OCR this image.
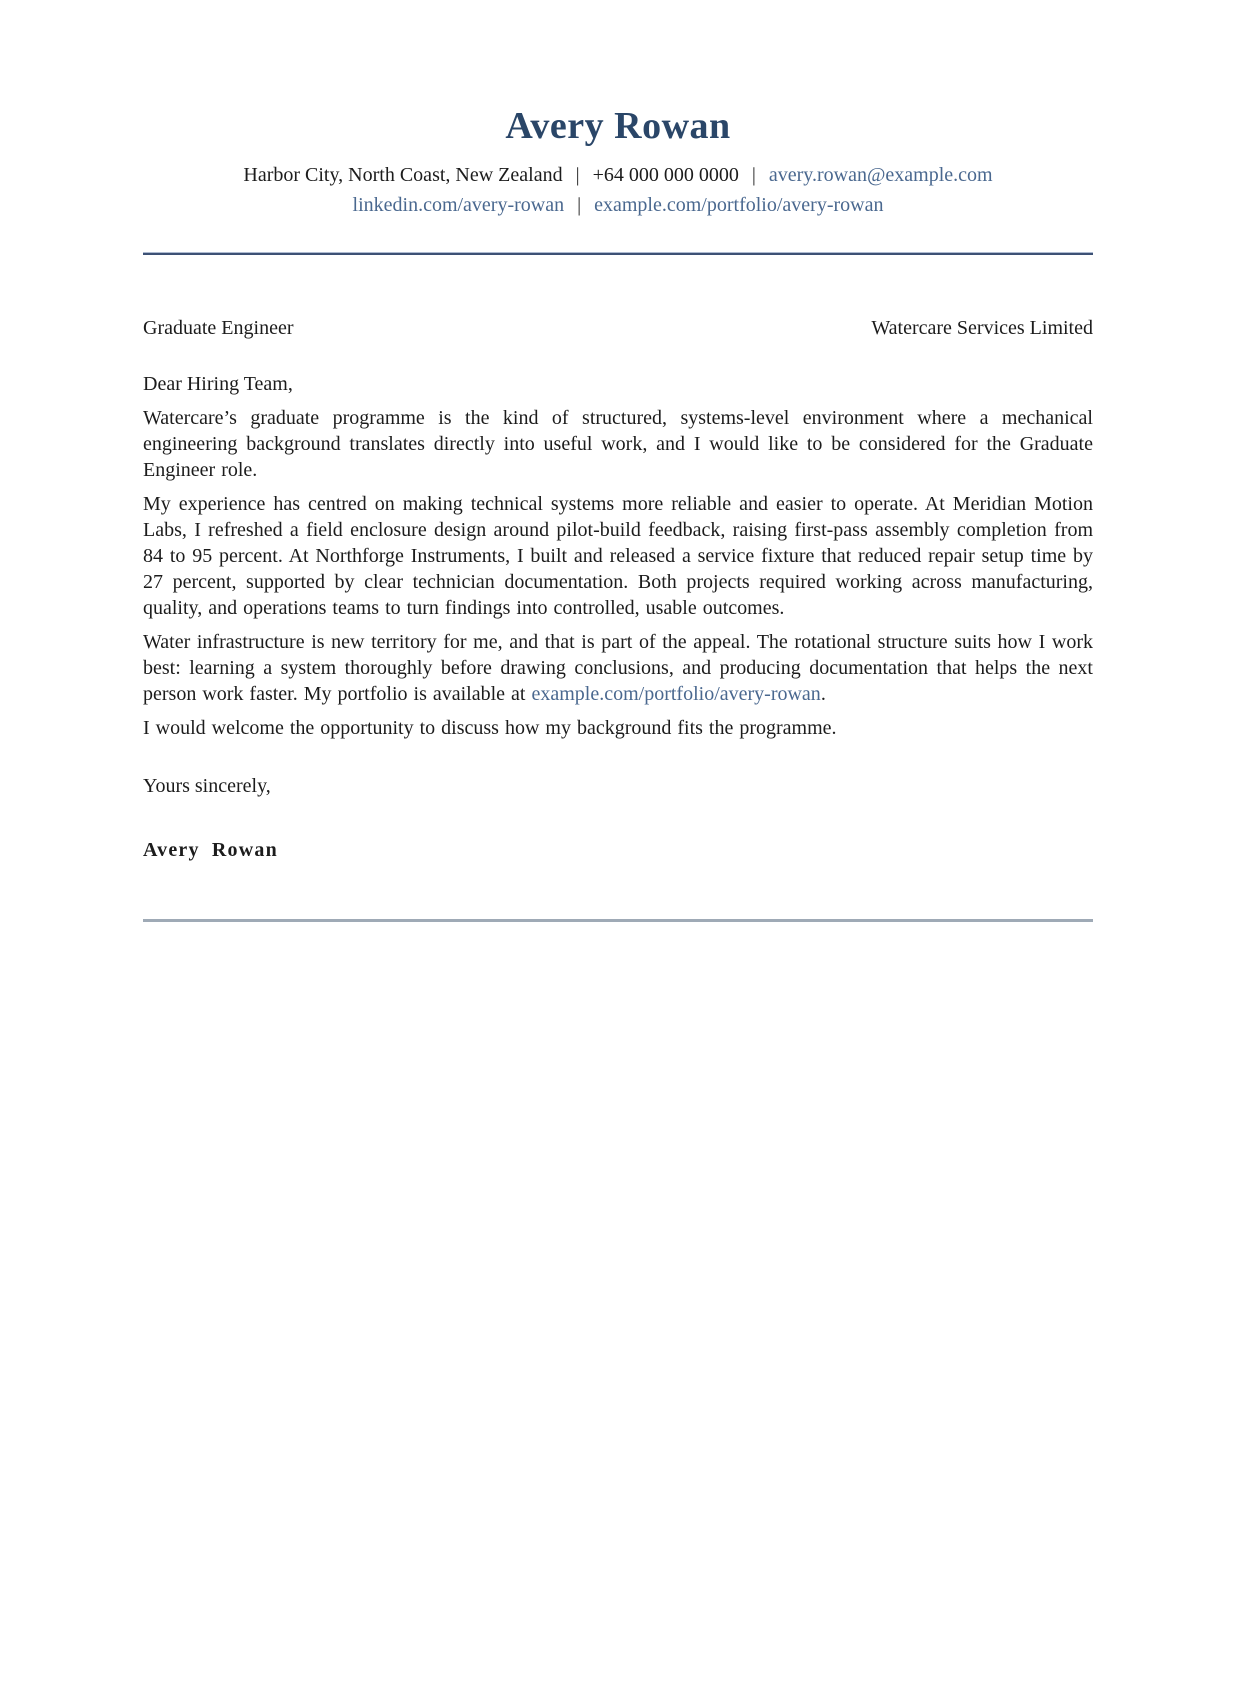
Avery Rowan
Harbor City, North Coast, New Zealand | +64 000 000 0000 | avery.rowan@example.com
linkedin.com/avery-rowan | example.com/portfolio/avery-rowan
Graduate Engineer	Watercare Services Limited

Dear Hiring Team,

Watercare’s graduate programme is the kind of structured, systems-level environment where a mechanical engineering background translates directly into useful work, and I would like to be considered for the Graduate Engineer role.

My experience has centred on making technical systems more reliable and easier to operate. At Meridian Motion Labs, I refreshed a field enclosure design around pilot-build feedback, raising first-pass assembly completion from 84 to 95 percent. At Northforge Instruments, I built and released a service fixture that reduced repair setup time by 27 percent, supported by clear technician documentation. Both projects required working across manufacturing, quality, and operations teams to turn findings into controlled, usable outcomes.

Water infrastructure is new territory for me, and that is part of the appeal. The rotational structure suits how I work best: learning a system thoroughly before drawing conclusions, and producing documentation that helps the next person work faster. My portfolio is available at example.com/portfolio/avery-rowan.

I would welcome the opportunity to discuss how my background fits the programme.

Yours sincerely,

Avery Rowan
